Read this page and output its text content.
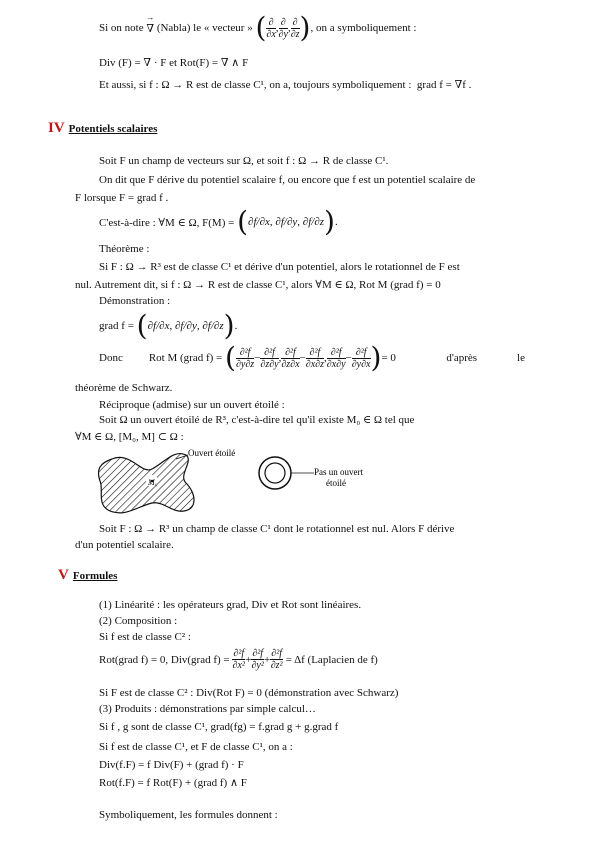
Si on note

→ ∇
(Nabla) le « vecteur »
( $\frac{\partial}{\partial x}$ , $\frac{\partial}{\partial y}$ , $\frac{\partial}{\partial z}$ ) , on a symboliquement :
Div (F) = ∇ · F et Rot(F) = ∇ ∧ F
Et aussi, si f : Ω → R est de classe C¹, on a, toujours symboliquement : grad f = ∇f .
IV Potentiels scalaires
Soit F un champ de vecteurs sur Ω, et soit f : Ω → R de classe C¹.
On dit que F dérive du potentiel scalaire f, ou encore que f est un potentiel scalaire de
F lorsque F = grad f .
C'est-à-dire : ∀M ∈ Ω, F(M) =
( ∂f/∂x , ∂f/∂y , ∂f/∂z ) .
Théorème :
Si F : Ω → R³ est de classe C¹ et dérive d'un potentiel, alors le rotationnel de F est
nul. Autrement dit, si f : Ω → R est de classe C¹, alors ∀M ∈ Ω, Rot M (grad f) = 0
Démonstration :
grad f =
( ∂f/∂x , ∂f/∂y , ∂f/∂z ) .
Donc Rot M (grad f) =
( $\frac{\text{∂²f}}{\partial y\partial z} - \frac{\text{∂²f}}{\partial z\partial y}$ , $\frac{\text{∂²f}}{\partial z\partial x} - \frac{\text{∂²f}}{\partial x\partial z}$ , $\frac{\text{∂²f}}{\partial x\partial y} - \frac{\text{∂²f}}{\partial y\partial x}$ ) = 0	d'après	le
théorème de Schwarz.
Réciproque (admise) sur un ouvert étoilé :
Soit Ω un ouvert étoilé de R³, c'est-à-dire tel qu'il existe M₀ ∈ Ω tel que
∀M ∈ Ω, [M₀, M] ⊂ Ω :
M₀
Ouvert étoilé
Pas un ouvert
étoilé
Soit F : Ω → R³ un champ de classe C¹ dont le rotationnel est nul. Alors F dérive
d'un potentiel scalaire.
V Formules
(1) Linéarité : les opérateurs grad, Div et Rot sont linéaires.
(2) Composition :
Si f est de classe C² :
Rot(grad f) = 0, Div(grad f) =
$\frac{\text{∂²f}}{\text{∂x²}} + \frac{\text{∂²f}}{\text{∂y²}} + \frac{\text{∂²f}}{\text{∂z²}}$
= Δf (Laplacien de f)
Si F est de classe C² : Div(Rot F) = 0 (démonstration avec Schwarz)
(3) Produits : démonstrations par simple calcul…
Si f , g sont de classe C¹, grad(fg) = f.grad g + g.grad f
Si f est de classe C¹, et F de classe C¹, on a :
Div(f.F) = f Div(F) + (grad f) · F
Rot(f.F) = f Rot(F) + (grad f) ∧ F
Symboliquement, les formules donnent :
